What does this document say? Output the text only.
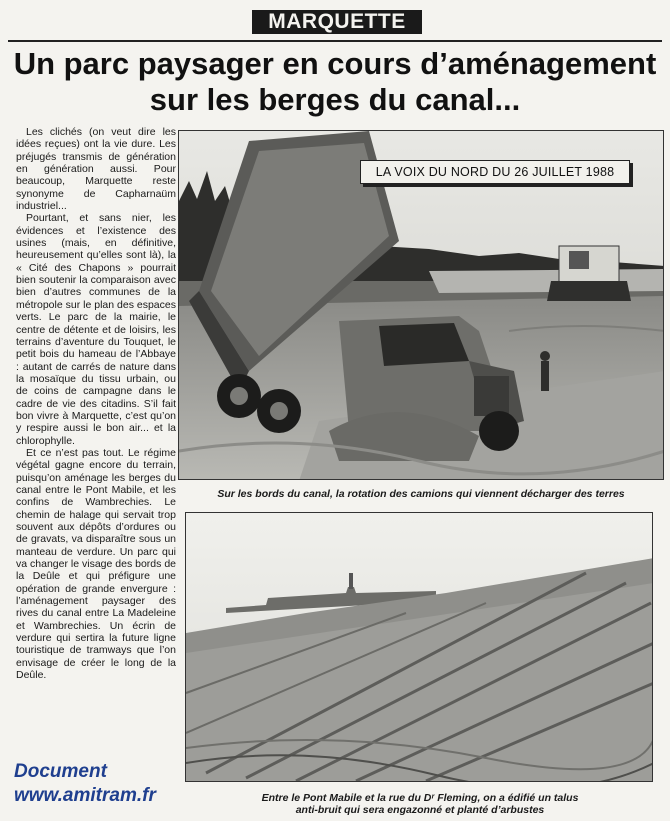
MARQUETTE
Un parc paysager en cours d’aménagement
sur les berges du canal...

Les clichés (on veut dire les idées reçues) ont la vie dure. Les préjugés transmis de génération en génération aussi. Pour beaucoup, Marquette reste synonyme de Capharnaüm industriel...

Pourtant, et sans nier, les évidences et l’existence des usines (mais, en définitive, heureusement qu’elles sont là), la « Cité des Chapons » pourrait bien soutenir la comparaison avec bien d’autres communes de la métropole sur le plan des espaces verts. Le parc de la mairie, le centre de détente et de loisirs, les terrains d’aventure du Touquet, le petit bois du hameau de l’Abbaye : autant de carrés de nature dans la mosaïque du tissu urbain, ou de coins de campagne dans le cadre de vie des citadins. S’il fait bon vivre à Marquette, c’est qu’on y respire aussi le bon air... et la chlorophylle.

Et ce n’est pas tout. Le régime végétal gagne encore du terrain, puisqu’on aménage les berges du canal entre le Pont Mabile, et les confins de Wambrechies. Le chemin de halage qui servait trop souvent aux dépôts d’ordures ou de gravats, va disparaître sous un manteau de verdure. Un parc qui va changer le visage des bords de la Deûle et qui préfigure une opération de grande envergure : l’aménagement paysager des rives du canal entre La Madeleine et Wambrechies. Un écrin de verdure qui sertira la future ligne touristique de tramways que l’on envisage de créer le long de la Deûle.

LA VOIX DU NORD DU 26 JUILLET 1988
Sur les bords du canal, la rotation des camions qui viennent décharger des terres
Entre le Pont Mabile et la rue du Dʳ Fleming, on a édifié un talus
anti-bruit qui sera engazonné et planté d’arbustes
Document
www.amitram.fr
